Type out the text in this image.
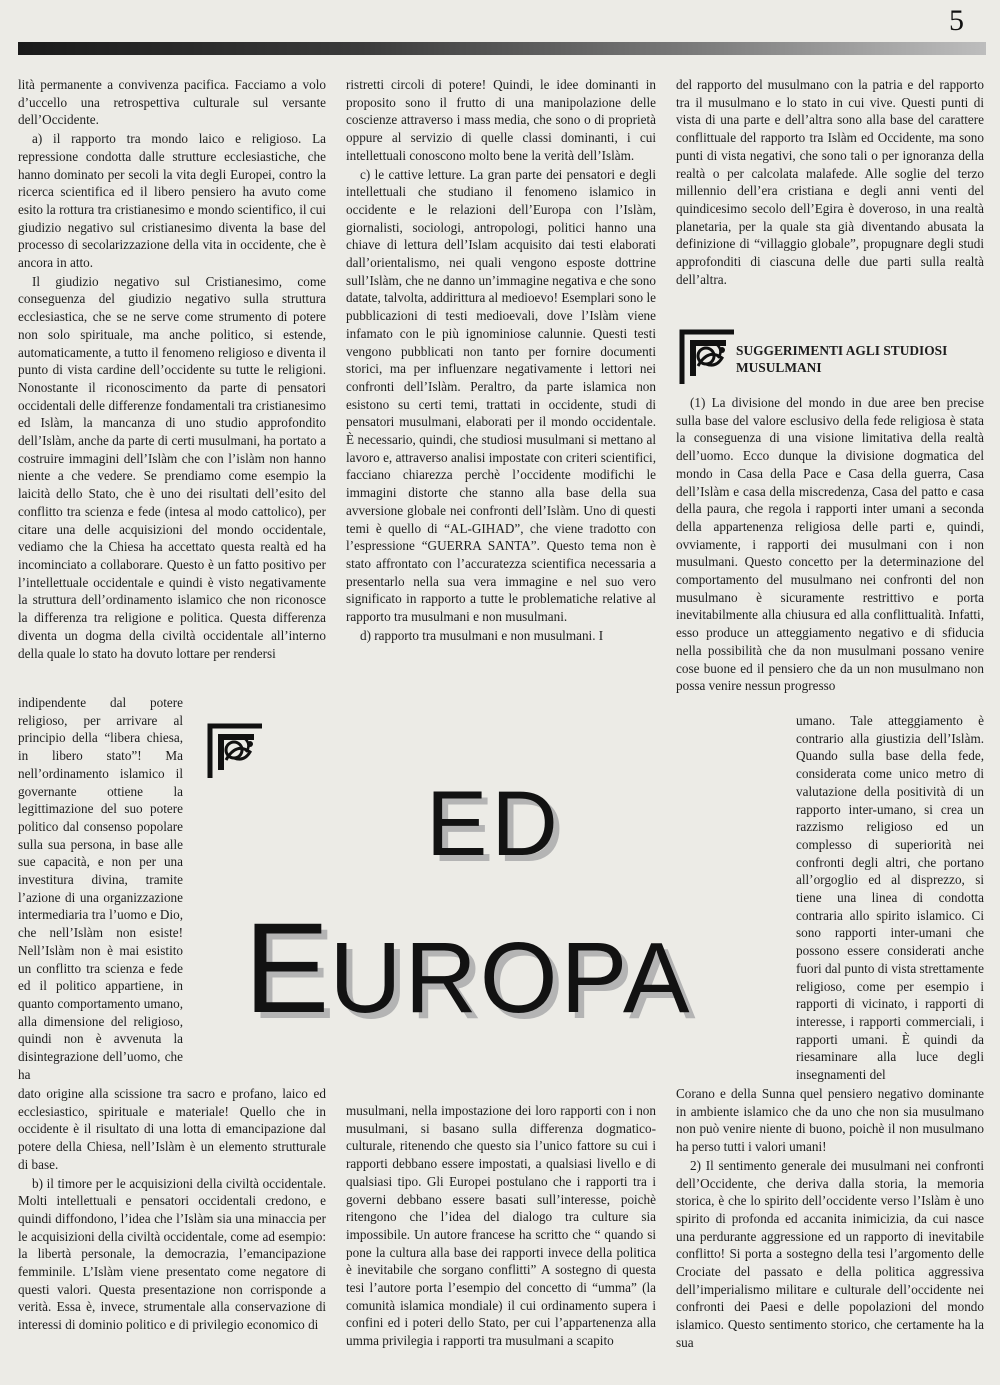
5

lità permanente a convivenza pacifica. Facciamo a volo d’uccello una retrospettiva culturale sul versante dell’Occidente.

a) il rapporto tra mondo laico e religioso. La repressione condotta dalle strutture ecclesiastiche, che hanno dominato per secoli la vita degli Europei, contro la ricerca scientifica ed il libero pensiero ha avuto come esito la rottura tra cristianesimo e mondo scientifico, il cui giudizio negativo sul cristianesimo diventa la base del processo di secolarizzazione della vita in occidente, che è ancora in atto.

Il giudizio negativo sul Cristianesimo, come conseguenza del giudizio negativo sulla struttura ecclesiastica, che se ne serve come strumento di potere non solo spirituale, ma anche politico, si estende, automaticamente, a tutto il fenomeno religioso e diventa il punto di vista cardine dell’occidente su tutte le religioni. Nonostante il riconoscimento da parte di pensatori occidentali delle differenze fondamentali tra cristianesimo ed Islàm, la mancanza di uno studio approfondito dell’Islàm, anche da parte di certi musulmani, ha portato a costruire immagini dell’Islàm che con l’islàm non hanno niente a che vedere. Se prendiamo come esempio la laicità dello Stato, che è uno dei risultati dell’esito del conflitto tra scienza e fede (intesa al modo cattolico), per citare una delle acquisizioni del mondo occidentale, vediamo che la Chiesa ha accettato questa realtà ed ha incominciato a collaborare. Questo è un fatto positivo per l’intellettuale occidentale e quindi è visto negativamente la struttura dell’ordinamento islamico che non riconosce la differenza tra religione e politica. Questa differenza diventa un dogma della civiltà occidentale all’interno della quale lo stato ha dovuto lottare per rendersi

indipendente dal potere religioso, per arrivare al principio della “libera chiesa, in libero stato”! Ma nell’ordinamento islamico il governante ottiene la legittimazione del suo potere politico dal consenso popolare sulla sua persona, in base alle sue capacità, e non per una investitura divina, tramite l’azione di una organizzazione intermediaria tra l’uomo e Dio, che nell’Islàm non esiste! Nell’Islàm non è mai esistito un conflitto tra scienza e fede ed il politico appartiene, in quanto comportamento umano, alla dimensione del religioso, quindi non è avvenuta la disintegrazione dell’uomo, che ha

dato origine alla scissione tra sacro e profano, laico ed ecclesiastico, spirituale e materiale! Quello che in occidente è il risultato di una lotta di emancipazione dal potere della Chiesa, nell’Islàm è un elemento strutturale di base.

b) il timore per le acquisizioni della civiltà occidentale. Molti intellettuali e pensatori occidentali credono, e quindi diffondono, l’idea che l’Islàm sia una minaccia per le acquisizioni della civiltà occidentale, come ad esempio: la libertà personale, la democrazia, l’emancipazione femminile. L’Islàm viene presentato come negatore di questi valori. Questa presentazione non corrisponde a verità. Essa è, invece, strumentale alla conservazione di interessi di dominio politico e di privilegio economico di

ristretti circoli di potere! Quindi, le idee dominanti in proposito sono il frutto di una manipolazione delle coscienze attraverso i mass media, che sono o di proprietà oppure al servizio di quelle classi dominanti, i cui intellettuali conoscono molto bene la verità dell’Islàm.

c) le cattive letture. La gran parte dei pensatori e degli intellettuali che studiano il fenomeno islamico in occidente e le relazioni dell’Europa con l’Islàm, giornalisti, sociologi, antropologi, politici hanno una chiave di lettura dell’Islam acquisito dai testi elaborati dall’orientalismo, nei quali vengono esposte dottrine sull’Islàm, che ne danno un’immagine negativa e che sono datate, talvolta, addirittura al medioevo! Esemplari sono le pubblicazioni di testi medioevali, dove l’Islàm viene infamato con le più ignominiose calunnie. Questi testi vengono pubblicati non tanto per fornire documenti storici, ma per influenzare negativamente i lettori nei confronti dell’Islàm. Peraltro, da parte islamica non esistono su certi temi, trattati in occidente, studi di pensatori musulmani, elaborati per il mondo occidentale. È necessario, quindi, che studiosi musulmani si mettano al lavoro e, attraverso analisi impostate con criteri scientifici, facciano chiarezza perchè l’occidente modifichi le immagini distorte che stanno alla base della sua avversione globale nei confronti dell’Islàm. Uno di questi temi è quello di “AL-GIHAD”, che viene tradotto con l’espressione “GUERRA SANTA”. Questo tema non è stato affrontato con l’accuratezza scientifica necessaria a presentarlo nella sua vera immagine e nel suo vero significato in rapporto a tutte le problematiche relative al rapporto tra musulmani e non musulmani.

d) rapporto tra musulmani e non musulmani. I

musulmani, nella impostazione dei loro rapporti con i non musulmani, si basano sulla differenza dogmatico-culturale, ritenendo che questo sia l’unico fattore su cui i rapporti debbano essere impostati, a qualsiasi livello e di qualsiasi tipo. Gli Europei postulano che i rapporti tra i governi debbano essere basati sull’interesse, poichè ritengono che l’idea del dialogo tra culture sia impossibile. Un autore francese ha scritto che “ quando si pone la cultura alla base dei rapporti invece della politica è inevitabile che sorgano conflitti” A sostegno di questa tesi l’autore porta l’esempio del concetto di “umma” (la comunità islamica mondiale) il cui ordinamento supera i confini ed i poteri dello Stato, per cui l’appartenenza alla umma privilegia i rapporti tra musulmani a scapito

del rapporto del musulmano con la patria e del rapporto tra il musulmano e lo stato in cui vive. Questi punti di vista di una parte e dell’altra sono alla base del carattere conflittuale del rapporto tra Islàm ed Occidente, ma sono punti di vista negativi, che sono tali o per ignoranza della realtà o per calcolata malafede. Alle soglie del terzo millennio dell’era cristiana e degli anni venti del quindicesimo secolo dell’Egira è doveroso, in una realtà planetaria, per la quale sta già diventando abusata la definizione di “villaggio globale”, propugnare degli studi approfonditi di ciascuna delle due parti sulla realtà dell’altra.

SUGGERIMENTI AGLI STUDIOSI MUSULMANI

(1) La divisione del mondo in due aree ben precise sulla base del valore esclusivo della fede religiosa è stata la conseguenza di una visione limitativa della realtà dell’uomo. Ecco dunque la divisione dogmatica del mondo in Casa della Pace e Casa della guerra, Casa dell’Islàm e casa della miscredenza, Casa del patto e casa della paura, che regola i rapporti inter umani a seconda della appartenenza religiosa delle parti e, quindi, ovviamente, i rapporti dei musulmani con i non musulmani. Questo concetto per la determinazione del comportamento del musulmano nei confronti del non musulmano è sicuramente restrittivo e porta inevitabilmente alla chiusura ed alla conflittualità. Infatti, esso produce un atteggiamento negativo e di sfiducia nella possibilità che da non musulmani possano venire cose buone ed il pensiero che da un non musulmano non possa venire nessun progresso

umano. Tale atteggiamento è contrario alla giustizia dell’Islàm. Quando sulla base della fede, considerata come unico metro di valutazione della positività di un rapporto inter-umano, si crea un razzismo religioso ed un complesso di superiorità nei confronti degli altri, che portano all’orgoglio ed al disprezzo, si tiene una linea di condotta contraria allo spirito islamico. Ci sono rapporti inter-umani che possono essere considerati anche fuori dal punto di vista strettamente religioso, come per esempio i rapporti di vicinato, i rapporti di interesse, i rapporti commerciali, i rapporti umani. È quindi da riesaminare alla luce degli insegnamenti del

Corano e della Sunna quel pensiero negativo dominante in ambiente islamico che da uno che non sia musulmano non può venire niente di buono, poichè il non musulmano ha perso tutti i valori umani!

2) Il sentimento generale dei musulmani nei confronti dell’Occidente, che deriva dalla storia, la memoria storica, è che lo spirito dell’occidente verso l’Islàm è uno spirito di profonda ed accanita inimicizia, da cui nasce una perdurante aggressione ed un rapporto di inevitabile conflitto! Si porta a sostegno della tesi l’argomento delle Crociate del passato e della politica aggressiva dell’imperialismo militare e culturale dell’occidente nei confronti dei Paesi e delle popolazioni del mondo islamico. Questo sentimento storico, che certamente ha la sua

ED
EUROPA
